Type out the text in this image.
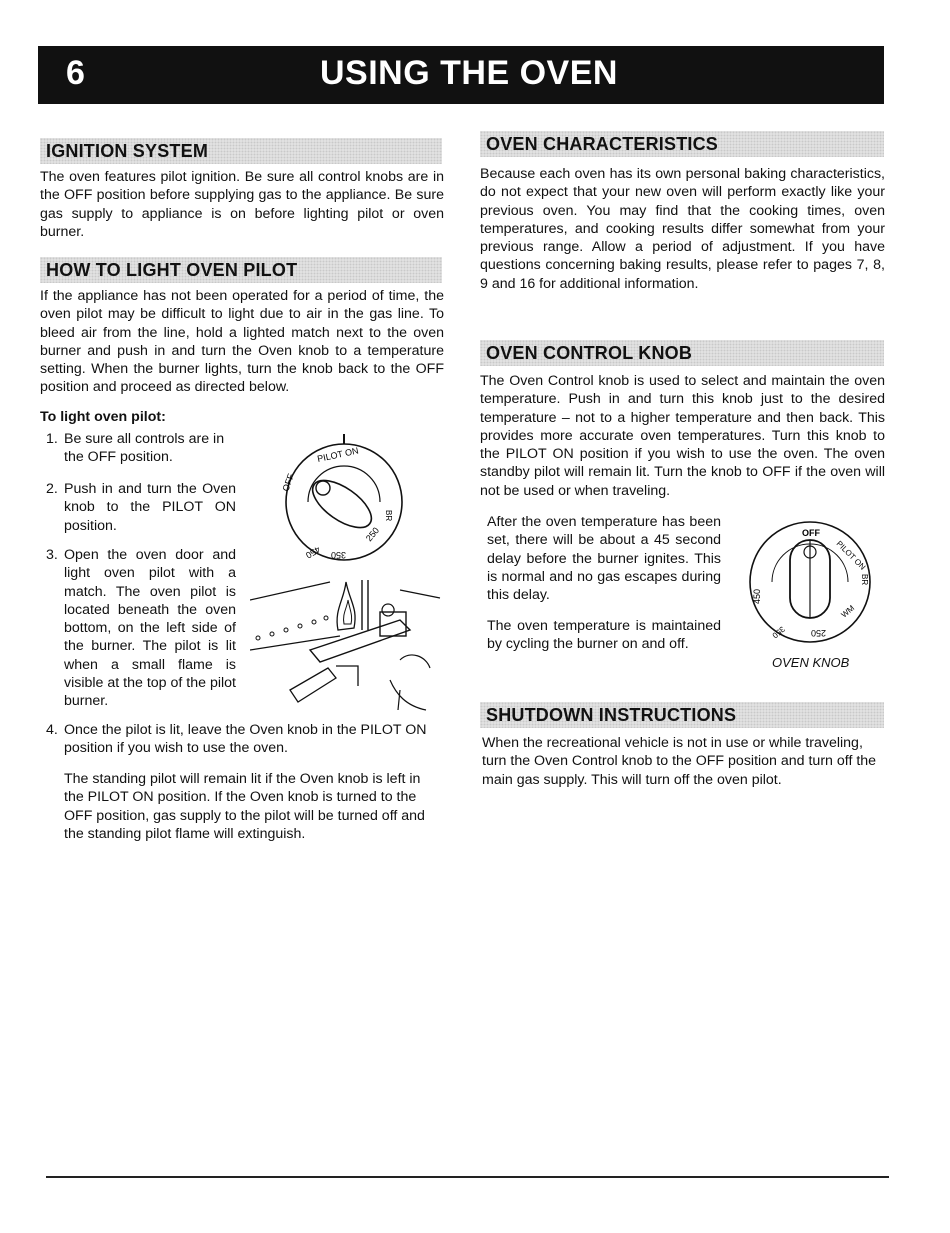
6	USING THE OVEN
IGNITION SYSTEM

The oven features pilot ignition. Be sure all control knobs are in the OFF position before supplying gas to the appliance. Be sure gas supply to appliance is on before lighting pilot or oven burner.

HOW TO LIGHT OVEN PILOT

If the appliance has not been operated for a period of time, the oven pilot may be difficult to light due to air in the gas line. To bleed air from the line, hold a lighted match next to the oven burner and push in and turn the Oven knob to a temperature setting. When the burner lights, turn the knob back to the OFF position and proceed as directed below.

To light oven pilot:
1. Be sure all controls are in the OFF position.
2. Push in and turn the Oven knob to the PILOT ON position.
3. Open the oven door and light oven pilot with a match. The oven pilot is located beneath the oven bottom, on the left side of the burner. The pilot is lit when a small flame is visible at the top of the pilot burner.
4. Once the pilot is lit, leave the Oven knob in the PILOT ON position if you wish to use the oven.

The standing pilot will remain lit if the Oven knob is left in the PILOT ON position. If the Oven knob is turned to the OFF position, gas supply to the pilot will be turned off and the standing pilot flame will extinguish.

PILOT ON
OFF
BR
250
350
450
OVEN CHARACTERISTICS

Because each oven has its own personal baking characteristics, do not expect that your new oven will perform exactly like your previous oven. You may find that the cooking times, oven temperatures, and cooking results differ somewhat from your previous range. Allow a period of adjustment. If you have questions concerning baking results, please refer to pages 7, 8, 9 and 16 for additional information.

OVEN CONTROL KNOB

The Oven Control knob is used to select and maintain the oven temperature. Push in and turn this knob just to the desired temperature – not to a higher temperature and then back. This provides more accurate oven temperatures. Turn this knob to the PILOT ON position if you wish to use the oven. The oven standby pilot will remain lit. Turn the knob to OFF if the oven will not be used or when traveling.

After the oven temperature has been set, there will be about a 45 second delay before the burner ignites. This is normal and no gas escapes during this delay.

The oven temperature is maintained by cycling the burner on and off.

OFF
PILOT ON
450
BR
350	250
WM
OVEN KNOB
SHUTDOWN INSTRUCTIONS

When the recreational vehicle is not in use or while traveling, turn the Oven Control knob to the OFF position and turn off the main gas supply. This will turn off the oven pilot.
